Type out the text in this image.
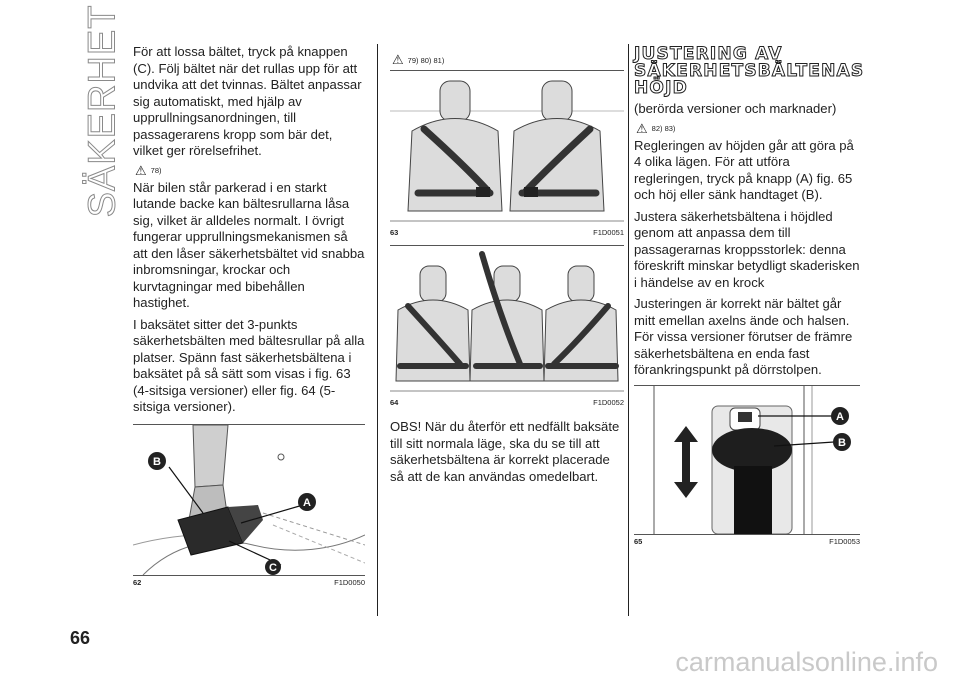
SÄKERHET För att lossa bältet, tryck på knappen (C). Följ bältet när det rullas upp för att undvika att det tvinnas. Bältet anpassar sig automatiskt, med hjälp av upprullningsanordningen, till passagerarens kropp som bär det, vilket ger rörelsefrihet.

⚠ 78)

När bilen står parkerad i en starkt lutande backe kan bältesrullarna låsa sig, vilket är alldeles normalt. I övrigt fungerar upprullningsmekanismen så att den låser säkerhetsbältet vid snabba inbromsningar, krockar och kurvtagningar med bibehållen hastighet.

I baksätet sitter det 3-punkts säkerhetsbälten med bältesrullar på alla platser. Spänn fast säkerhetsbältena i baksätet på så sätt som visas i fig. 63 (4-sitsiga versioner) eller fig. 64 (5-sitsiga versioner).

B
A
C
62	F1D0050
⚠ 79) 80) 81)
63	F1D0051
64	F1D0052

OBS! När du återför ett nedfällt baksäte till sitt normala läge, ska du se till att säkerhetsbältena är korrekt placerade så att de kan användas omedelbart.

JUSTERING AV SÄKERHETSBÄLTENAS HÖJD

(berörda versioner och marknader)

⚠ 82) 83)

Regleringen av höjden går att göra på 4 olika lägen. För att utföra regleringen, tryck på knapp (A) fig. 65 och höj eller sänk handtaget (B).

Justera säkerhetsbältena i höjdled genom att anpassa dem till passagerarnas kroppsstorlek: denna föreskrift minskar betydligt skaderisken i händelse av en krock

Justeringen är korrekt när bältet går mitt emellan axelns ände och halsen. För vissa versioner förutser de främre säkerhetsbältena en enda fast förankringspunkt på dörrstolpen.

A
B
65	F1D0053
66
carmanualsonline.info
